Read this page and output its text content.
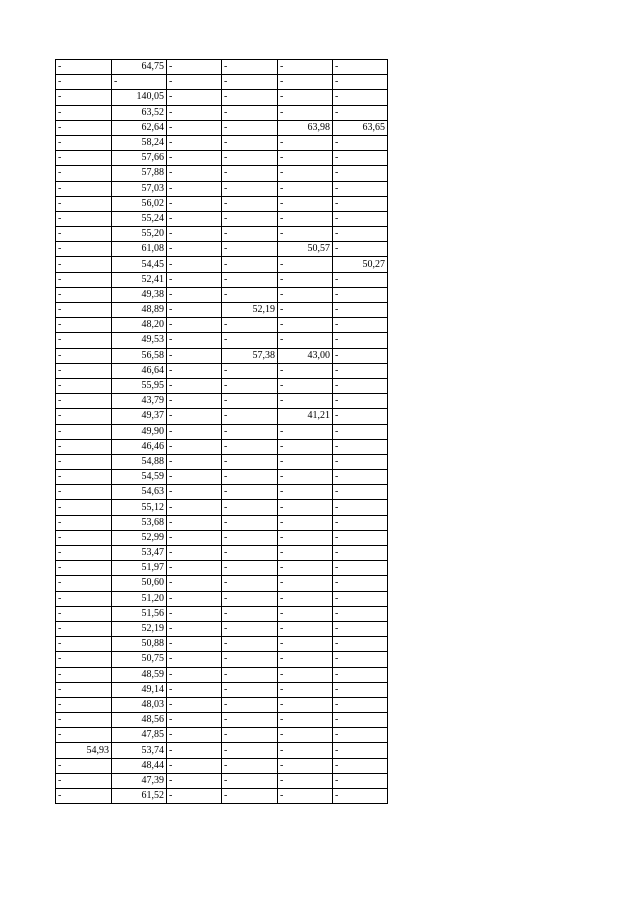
-	64,75	-	-	-	-
-	-	-	-	-	-
-	140,05	-	-	-	-
-	63,52	-	-	-	-
-	62,64	-	-	63,98	63,65
-	58,24	-	-	-	-
-	57,66	-	-	-	-
-	57,88	-	-	-	-
-	57,03	-	-	-	-
-	56,02	-	-	-	-
-	55,24	-	-	-	-
-	55,20	-	-	-	-
-	61,08	-	-	50,57	-
-	54,45	-	-	-	50,27
-	52,41	-	-	-	-
-	49,38	-	-	-	-
-	48,89	-	52,19	-	-
-	48,20	-	-	-	-
-	49,53	-	-	-	-
-	56,58	-	57,38	43,00	-
-	46,64	-	-	-	-
-	55,95	-	-	-	-
-	43,79	-	-	-	-
-	49,37	-	-	41,21	-
-	49,90	-	-	-	-
-	46,46	-	-	-	-
-	54,88	-	-	-	-
-	54,59	-	-	-	-
-	54,63	-	-	-	-
-	55,12	-	-	-	-
-	53,68	-	-	-	-
-	52,99	-	-	-	-
-	53,47	-	-	-	-
-	51,97	-	-	-	-
-	50,60	-	-	-	-
-	51,20	-	-	-	-
-	51,56	-	-	-	-
-	52,19	-	-	-	-
-	50,88	-	-	-	-
-	50,75	-	-	-	-
-	48,59	-	-	-	-
-	49,14	-	-	-	-
-	48,03	-	-	-	-
-	48,56	-	-	-	-
-	47,85	-	-	-	-
54,93	53,74	-	-	-	-
-	48,44	-	-	-	-
-	47,39	-	-	-	-
-	61,52	-	-	-	-
